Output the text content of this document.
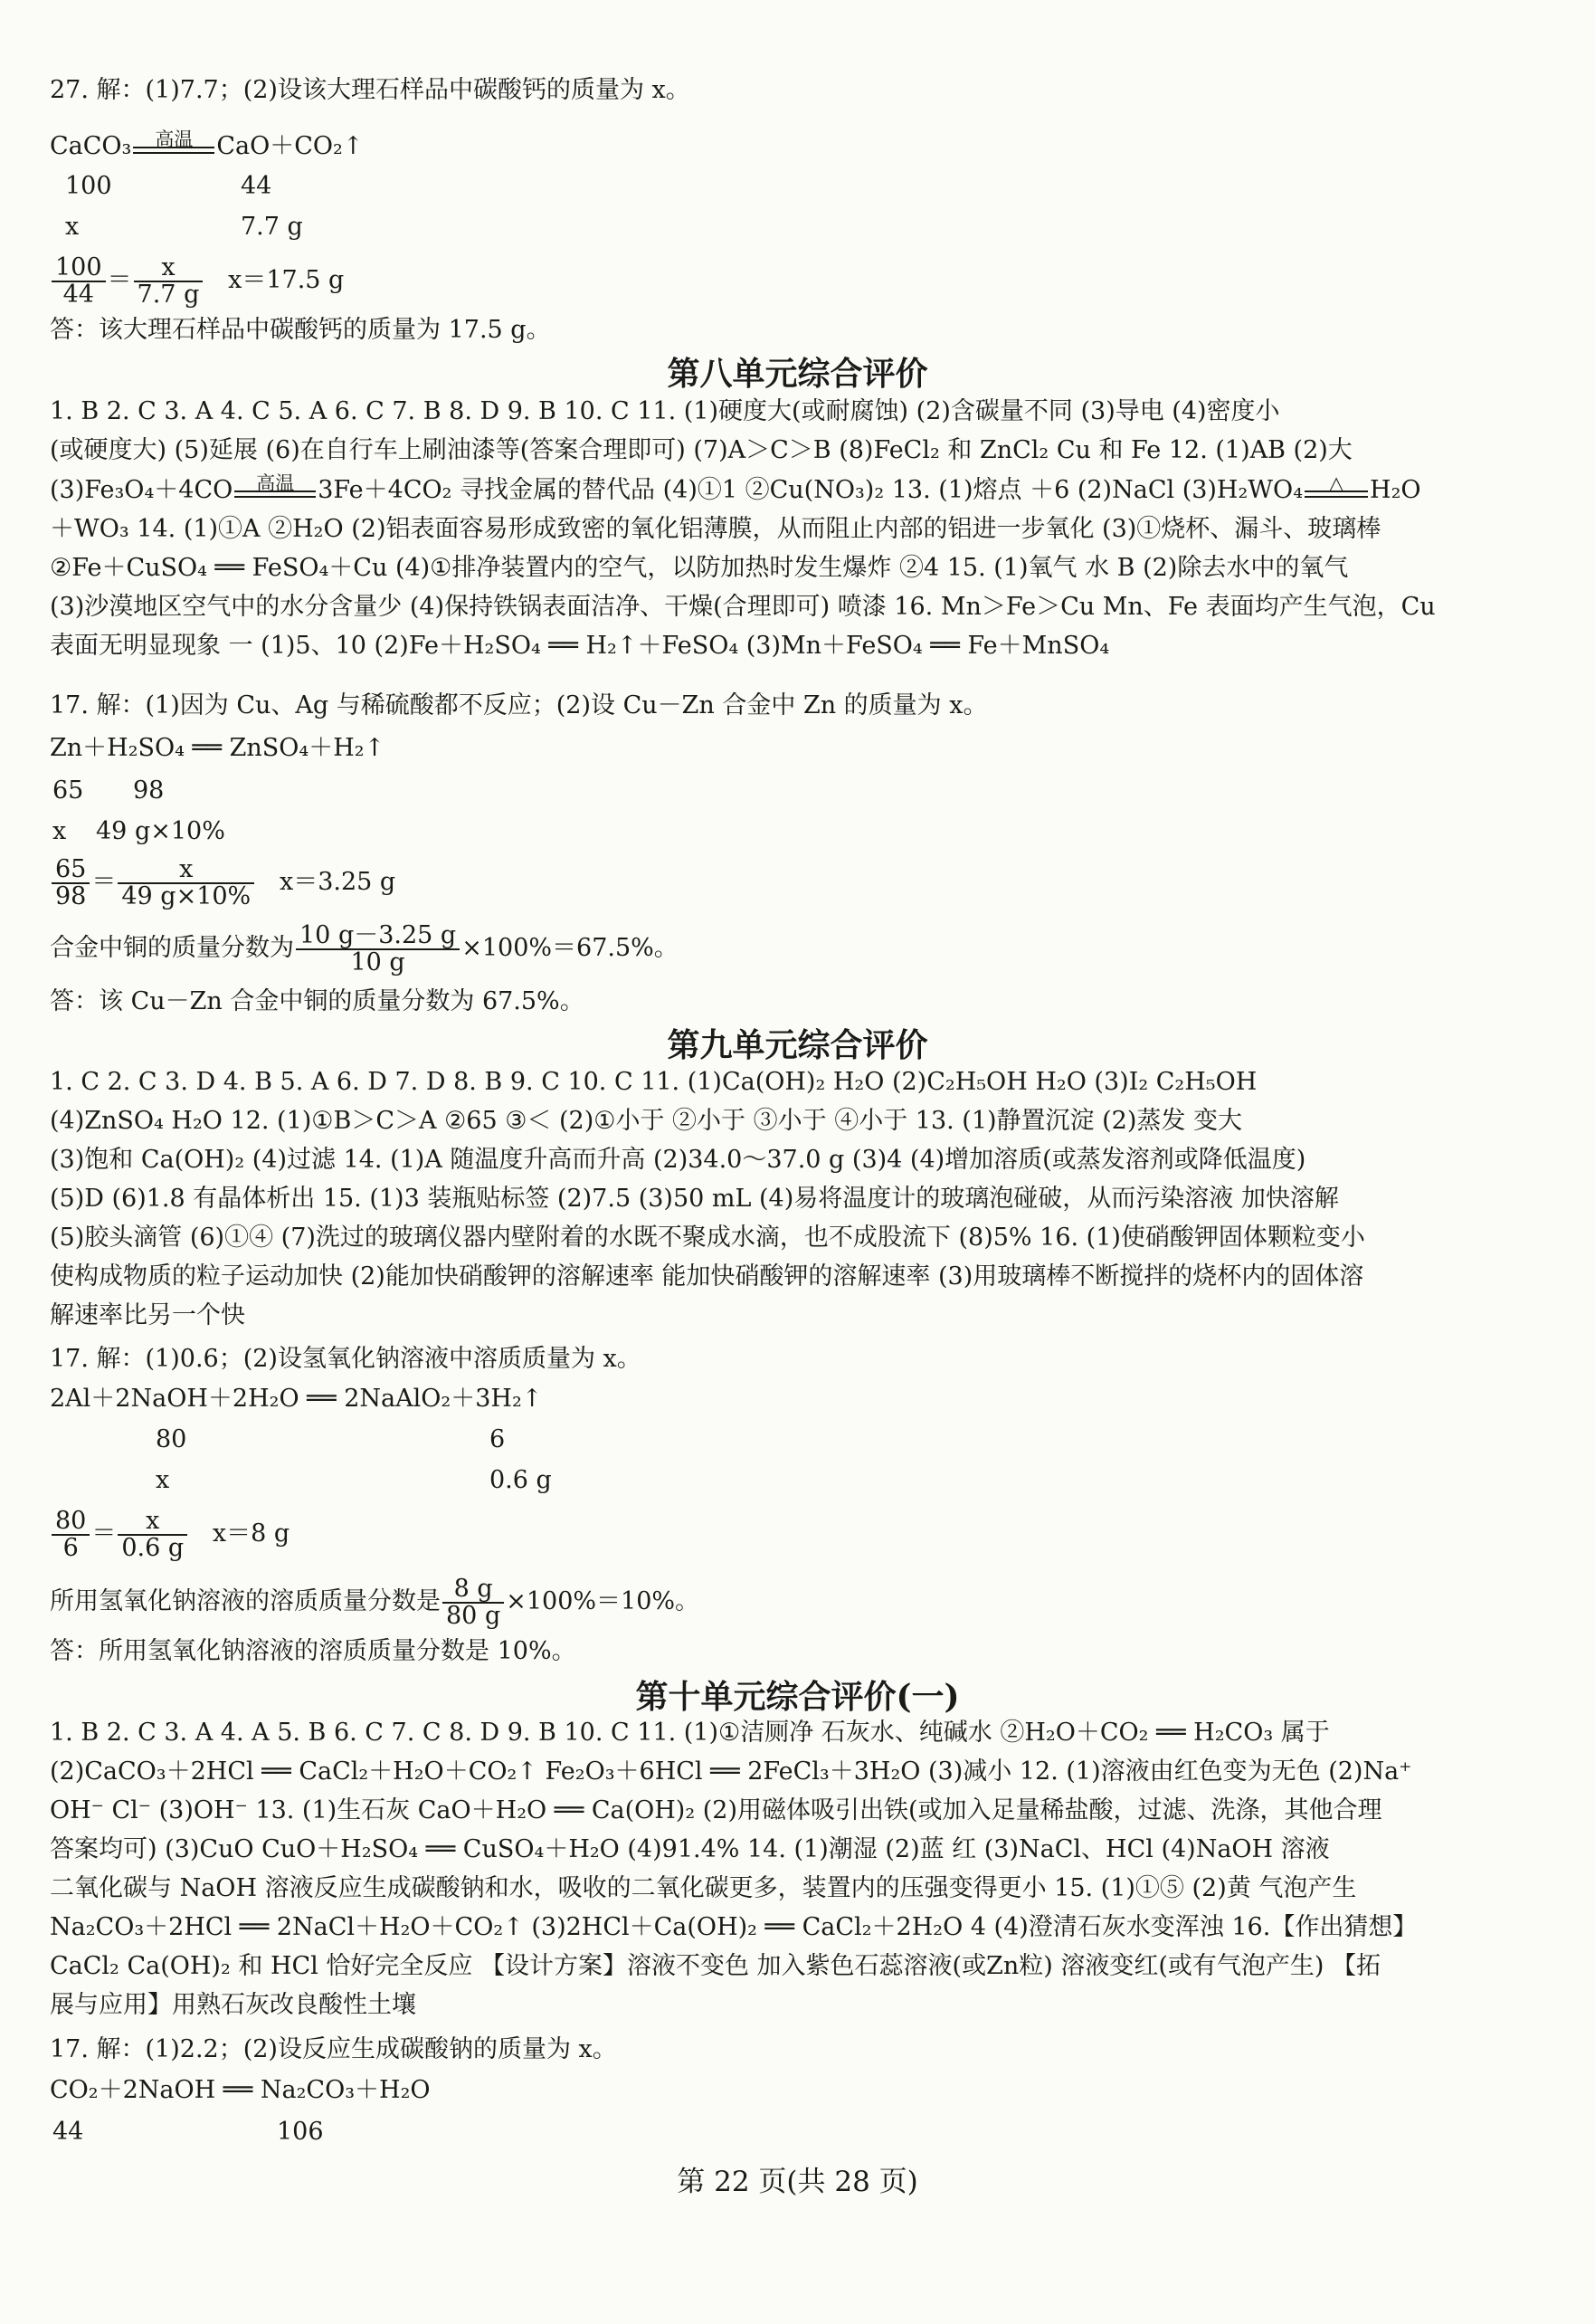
27. 解：(1)7.7；(2)设该大理石样品中碳酸钙的质量为 x。
CaCO₃	高温 CaO＋CO₂↑
100	44
x	7.7 g
$\frac{100}{44} = \frac{x}{7.7 g} x=17.5$ g
答：该大理石样品中碳酸钙的质量为 17.5 g。
第八单元综合评价
1. B 2. C 3. A 4. C 5. A 6. C 7. B 8. D 9. B 10. C 11. (1)硬度大(或耐腐蚀) (2)含碳量不同 (3)导电 (4)密度小
(或硬度大) (5)延展 (6)在自行车上刷油漆等(答案合理即可) (7)A＞C＞B (8)FeCl₂ 和 ZnCl₂ Cu 和 Fe 12. (1)AB (2)大
(3)Fe₃O₄＋4CO	高温 3Fe＋4CO₂ 寻找金属的替代品 (4)①1 ②Cu(NO₃)₂ 13. (1)熔点 ＋6 (2)NaCl (3)H₂WO₄	△	H₂O
＋WO₃ 14. (1)①A ②H₂O (2)铝表面容易形成致密的氧化铝薄膜，从而阻止内部的铝进一步氧化 (3)①烧杯、漏斗、玻璃棒
②Fe＋CuSO₄ ══ FeSO₄＋Cu (4)①排净装置内的空气，以防加热时发生爆炸 ②4 15. (1)氧气 水 B (2)除去水中的氧气
(3)沙漠地区空气中的水分含量少 (4)保持铁锅表面洁净、干燥(合理即可) 喷漆 16. Mn＞Fe＞Cu Mn、Fe 表面均产生气泡，Cu
表面无明显现象 一 (1)5、10 (2)Fe＋H₂SO₄ ══ H₂↑＋FeSO₄ (3)Mn＋FeSO₄ ══ Fe＋MnSO₄
17. 解：(1)因为 Cu、Ag 与稀硫酸都不反应；(2)设 Cu－Zn 合金中 Zn 的质量为 x。
Zn＋H₂SO₄ ══ ZnSO₄＋H₂↑
65 98
x 49 g×10%
$\frac{65}{98} = \frac{x}{49 g\times 10\%} x=3.25$ g
合金中铜的质量分数为 $\frac{10 g-3.25 g}{10 g} \times 100\%=67.5\%$。
答：该 Cu－Zn 合金中铜的质量分数为 67.5%。
第九单元综合评价
1. C 2. C 3. D 4. B 5. A 6. D 7. D 8. B 9. C 10. C 11. (1)Ca(OH)₂ H₂O (2)C₂H₅OH H₂O (3)I₂ C₂H₅OH
(4)ZnSO₄ H₂O 12. (1)①B＞C＞A ②65 ③＜ (2)①小于 ②小于 ③小于 ④小于 13. (1)静置沉淀 (2)蒸发 变大
(3)饱和 Ca(OH)₂ (4)过滤 14. (1)A 随温度升高而升高 (2)34.0～37.0 g (3)4 (4)增加溶质(或蒸发溶剂或降低温度)
(5)D (6)1.8 有晶体析出 15. (1)3 装瓶贴标签 (2)7.5 (3)50 mL (4)易将温度计的玻璃泡碰破，从而污染溶液 加快溶解
(5)胶头滴管 (6)①④ (7)洗过的玻璃仪器内壁附着的水既不聚成水滴，也不成股流下 (8)5% 16. (1)使硝酸钾固体颗粒变小
使构成物质的粒子运动加快 (2)能加快硝酸钾的溶解速率 能加快硝酸钾的溶解速率 (3)用玻璃棒不断搅拌的烧杯内的固体溶
解速率比另一个快
17. 解：(1)0.6；(2)设氢氧化钠溶液中溶质质量为 x。
2Al＋2NaOH＋2H₂O ══ 2NaAlO₂＋3H₂↑
80	6
x	0.6 g
$\frac{80}{6} = \frac{x}{0.6 g} x=8$ g
所用氢氧化钠溶液的溶质质量分数是 $\frac{8 g}{80 g} \times 100\%=10\%$。
答：所用氢氧化钠溶液的溶质质量分数是 10%。
第十单元综合评价(一)
1. B 2. C 3. A 4. A 5. B 6. C 7. C 8. D 9. B 10. C 11. (1)①洁厕净 石灰水、纯碱水 ②H₂O＋CO₂ ══ H₂CO₃ 属于
(2)CaCO₃＋2HCl ══ CaCl₂＋H₂O＋CO₂↑ Fe₂O₃＋6HCl ══ 2FeCl₃＋3H₂O (3)减小 12. (1)溶液由红色变为无色 (2)Na⁺
OH⁻ Cl⁻ (3)OH⁻ 13. (1)生石灰 CaO＋H₂O ══ Ca(OH)₂ (2)用磁体吸引出铁(或加入足量稀盐酸，过滤、洗涤，其他合理
答案均可) (3)CuO CuO＋H₂SO₄ ══ CuSO₄＋H₂O (4)91.4% 14. (1)潮湿 (2)蓝 红 (3)NaCl、HCl (4)NaOH 溶液
二氧化碳与 NaOH 溶液反应生成碳酸钠和水，吸收的二氧化碳更多，装置内的压强变得更小 15. (1)①⑤ (2)黄 气泡产生
Na₂CO₃＋2HCl ══ 2NaCl＋H₂O＋CO₂↑ (3)2HCl＋Ca(OH)₂ ══ CaCl₂＋2H₂O 4 (4)澄清石灰水变浑浊 16.【作出猜想】
CaCl₂ Ca(OH)₂ 和 HCl 恰好完全反应 【设计方案】溶液不变色 加入紫色石蕊溶液(或Zn粒) 溶液变红(或有气泡产生) 【拓
展与应用】用熟石灰改良酸性土壤
17. 解：(1)2.2；(2)设反应生成碳酸钠的质量为 x。
CO₂＋2NaOH ══ Na₂CO₃＋H₂O
44	106
第 22 页(共 28 页)
